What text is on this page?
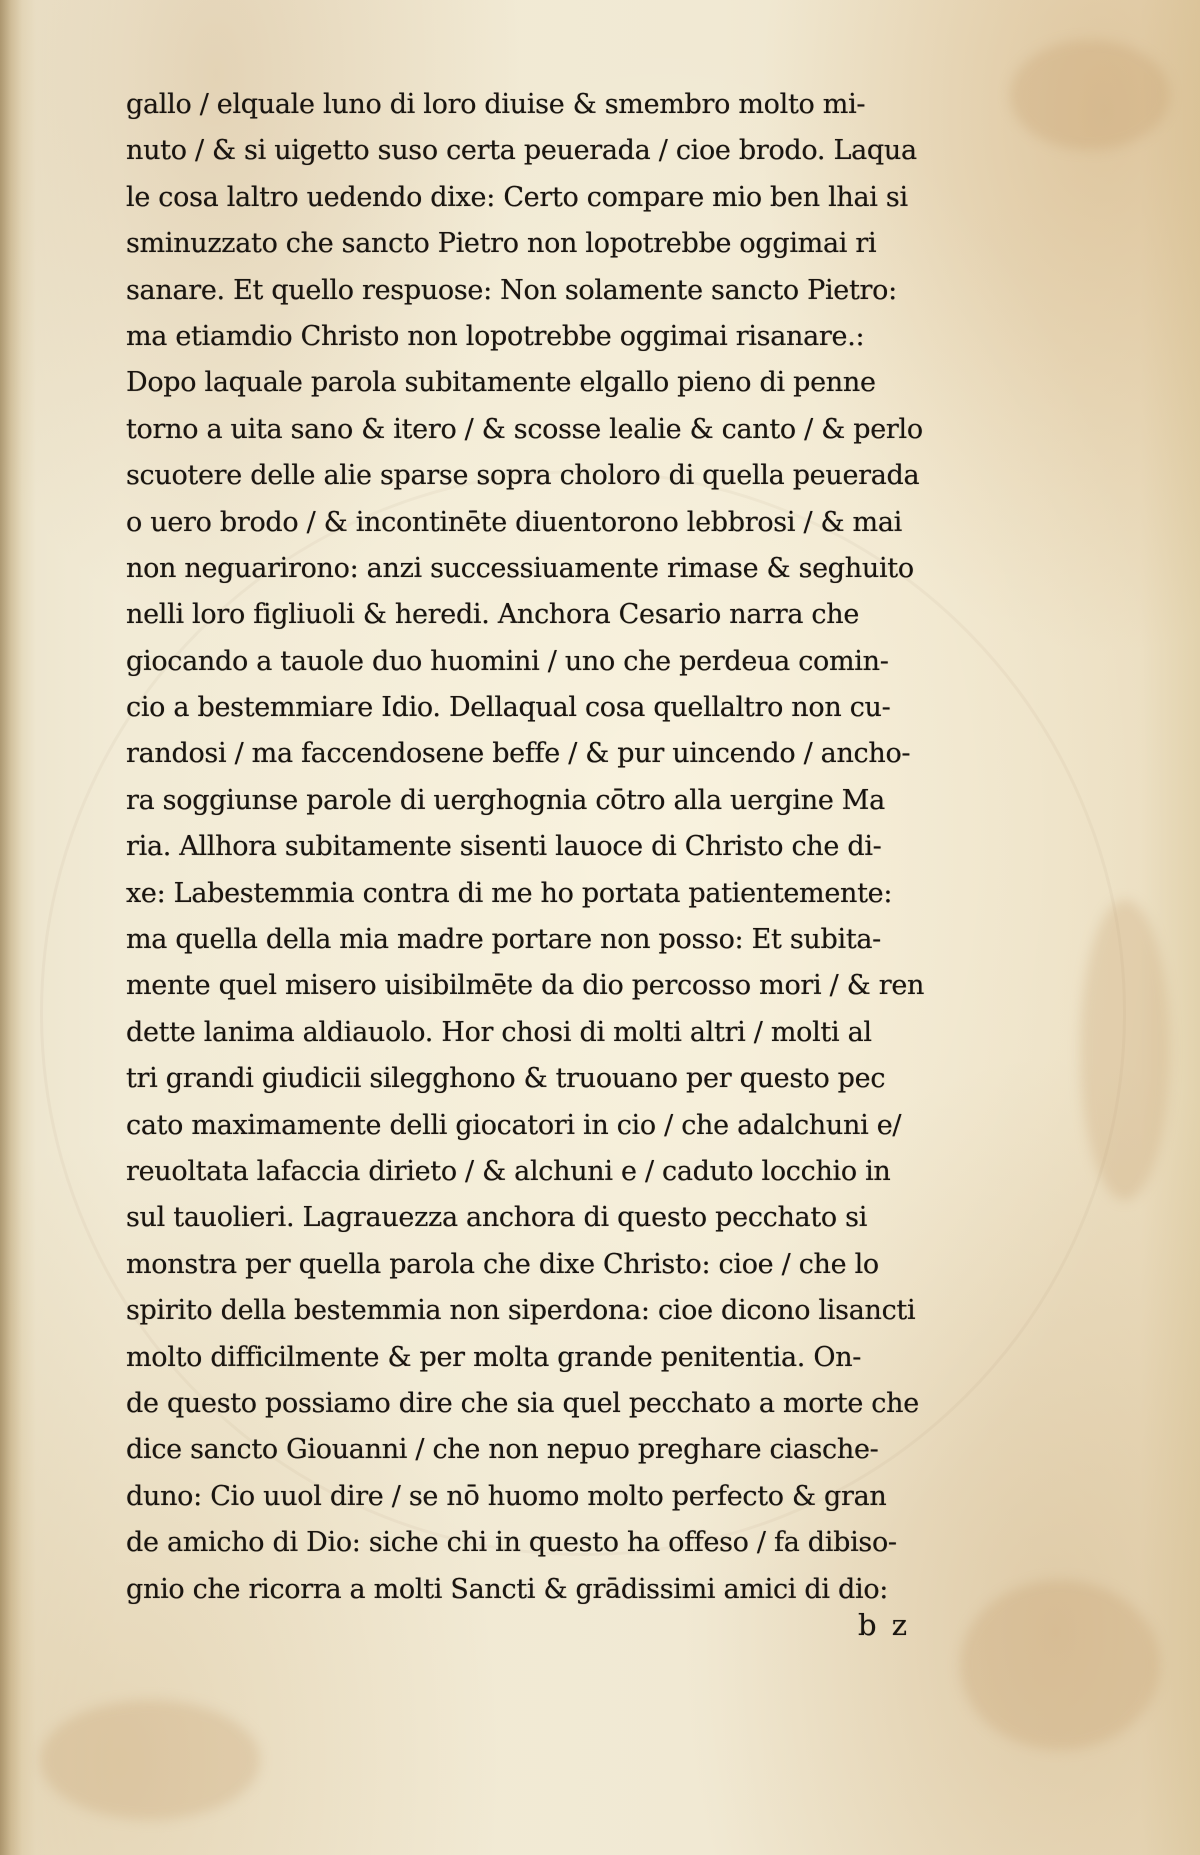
gallo / elquale luno di loro diuise & smembro molto mi-
nuto / & si uigetto suso certa peuerada / cioe brodo. Laqua
le cosa laltro uedendo dixe: Certo compare mio ben lhai si
sminuzzato che sancto Pietro non lopotrebbe oggimai ri
sanare. Et quello respuose: Non solamente sancto Pietro:
ma etiamdio Christo non lopotrebbe oggimai risanare.:
Dopo laquale parola subitamente elgallo pieno di penne
torno a uita sano & itero / & scosse lealie & canto / & perlo
scuotere delle alie sparse sopra choloro di quella peuerada
o uero brodo / & incontinēte diuentorono lebbrosi / & mai
non neguarirono: anzi successiuamente rimase & seghuito
nelli loro figliuoli & heredi. Anchora Cesario narra che
giocando a tauole duo huomini / uno che perdeua comin-
cio a bestemmiare Idio. Dellaqual cosa quellaltro non cu-
randosi / ma faccendosene beffe / & pur uincendo / ancho-
ra soggiunse parole di uerghognia cōtro alla uergine Ma
ria. Allhora subitamente sisenti lauoce di Christo che di-
xe: Labestemmia contra di me ho portata patientemente:
ma quella della mia madre portare non posso: Et subita-
mente quel misero uisibilmēte da dio percosso mori / & ren
dette lanima aldiauolo. Hor chosi di molti altri / molti al
tri grandi giudicii silegghono & truouano per questo pec
cato maximamente delli giocatori in cio / che adalchuni e/
reuoltata lafaccia dirieto / & alchuni e / caduto locchio in
sul tauolieri. Lagrauezza anchora di questo pecchato si
monstra per quella parola che dixe Christo: cioe / che lo
spirito della bestemmia non siperdona: cioe dicono lisancti
molto difficilmente & per molta grande penitentia. On-
de questo possiamo dire che sia quel pecchato a morte che
dice sancto Giouanni / che non nepuo preghare ciasche-
duno: Cio uuol dire / se nō huomo molto perfecto & gran
de amicho di Dio: siche chi in questo ha offeso / fa dibiso-
gnio che ricorra a molti Sancti & grādissimi amici di dio:
b z
